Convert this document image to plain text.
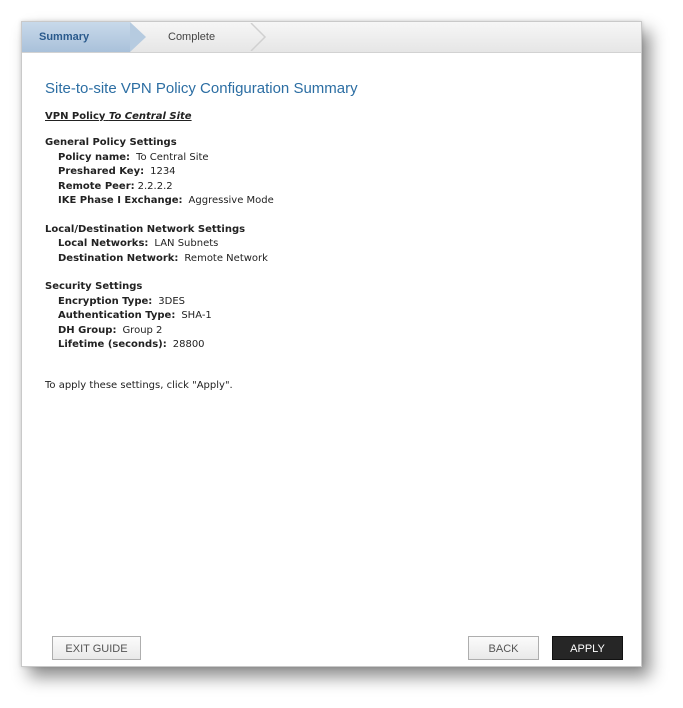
Summary	Complete
Site-to-site VPN Policy Configuration Summary
VPN Policy To Central Site
General Policy Settings
Policy name: To Central Site
Preshared Key: 1234
Remote Peer: 2.2.2.2
IKE Phase I Exchange: Aggressive Mode
Local/Destination Network Settings
Local Networks: LAN Subnets
Destination Network: Remote Network
Security Settings
Encryption Type: 3DES
Authentication Type: SHA-1
DH Group: Group 2
Lifetime (seconds): 28800
To apply these settings, click "Apply".
EXIT GUIDE	BACK	APPLY
